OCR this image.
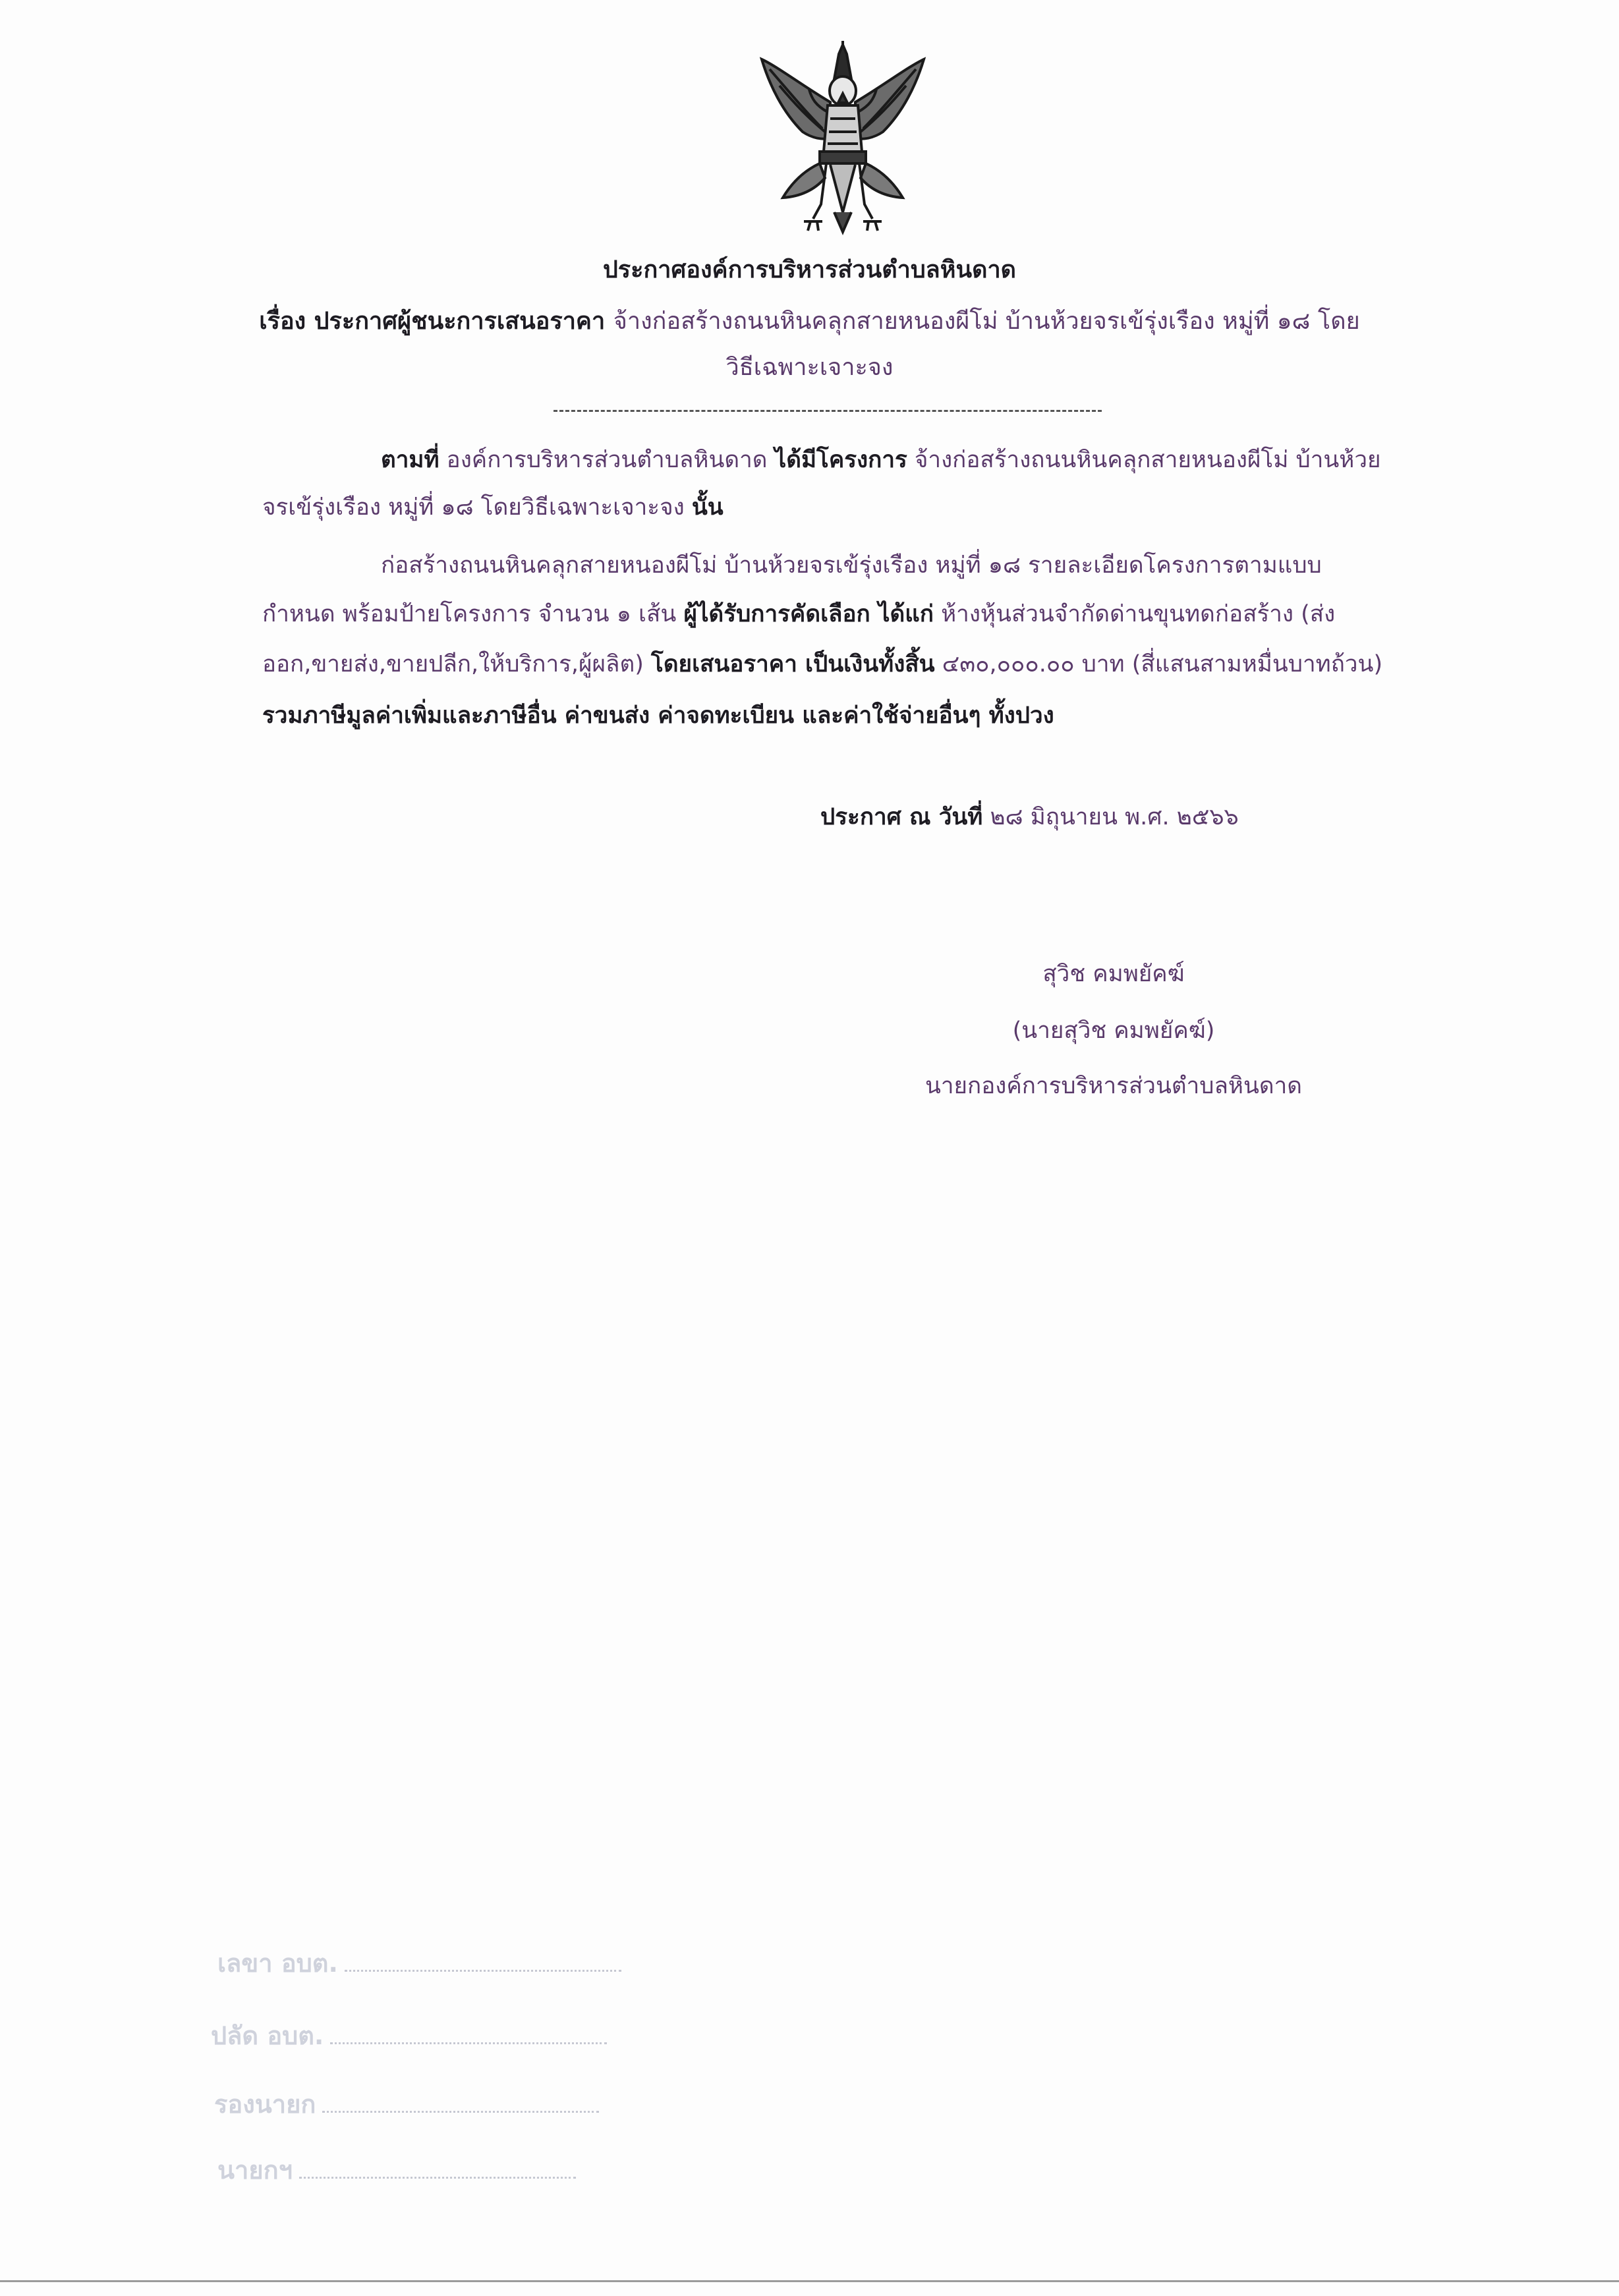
ประกาศองค์การบริหารส่วนตำบลหินดาด
เรื่อง ประกาศผู้ชนะการเสนอราคา จ้างก่อสร้างถนนหินคลุกสายหนองผีโม่ บ้านห้วยจรเข้รุ่งเรือง หมู่ที่ ๑๘ โดย
วิธีเฉพาะเจาะจง
ตามที่ องค์การบริหารส่วนตำบลหินดาด ได้มีโครงการ จ้างก่อสร้างถนนหินคลุกสายหนองผีโม่ บ้านห้วย
จรเข้รุ่งเรือง หมู่ที่ ๑๘ โดยวิธีเฉพาะเจาะจง นั้น
ก่อสร้างถนนหินคลุกสายหนองผีโม่ บ้านห้วยจรเข้รุ่งเรือง หมู่ที่ ๑๘ รายละเอียดโครงการตามแบบ
กำหนด พร้อมป้ายโครงการ จำนวน ๑ เส้น ผู้ได้รับการคัดเลือก ได้แก่ ห้างหุ้นส่วนจำกัดด่านขุนทดก่อสร้าง (ส่ง
ออก,ขายส่ง,ขายปลีก,ให้บริการ,ผู้ผลิต) โดยเสนอราคา เป็นเงินทั้งสิ้น ๔๓๐,๐๐๐.๐๐ บาท (สี่แสนสามหมื่นบาทถ้วน)
รวมภาษีมูลค่าเพิ่มและภาษีอื่น ค่าขนส่ง ค่าจดทะเบียน และค่าใช้จ่ายอื่นๆ ทั้งปวง
ประกาศ ณ วันที่ ๒๘ มิถุนายน พ.ศ. ๒๕๖๖
สุวิช คมพยัคฆ์
(นายสุวิช คมพยัคฆ์)
นายกองค์การบริหารส่วนตำบลหินดาด
เลขา อบต.
ปลัด อบต.
รองนายก
นายกฯ
